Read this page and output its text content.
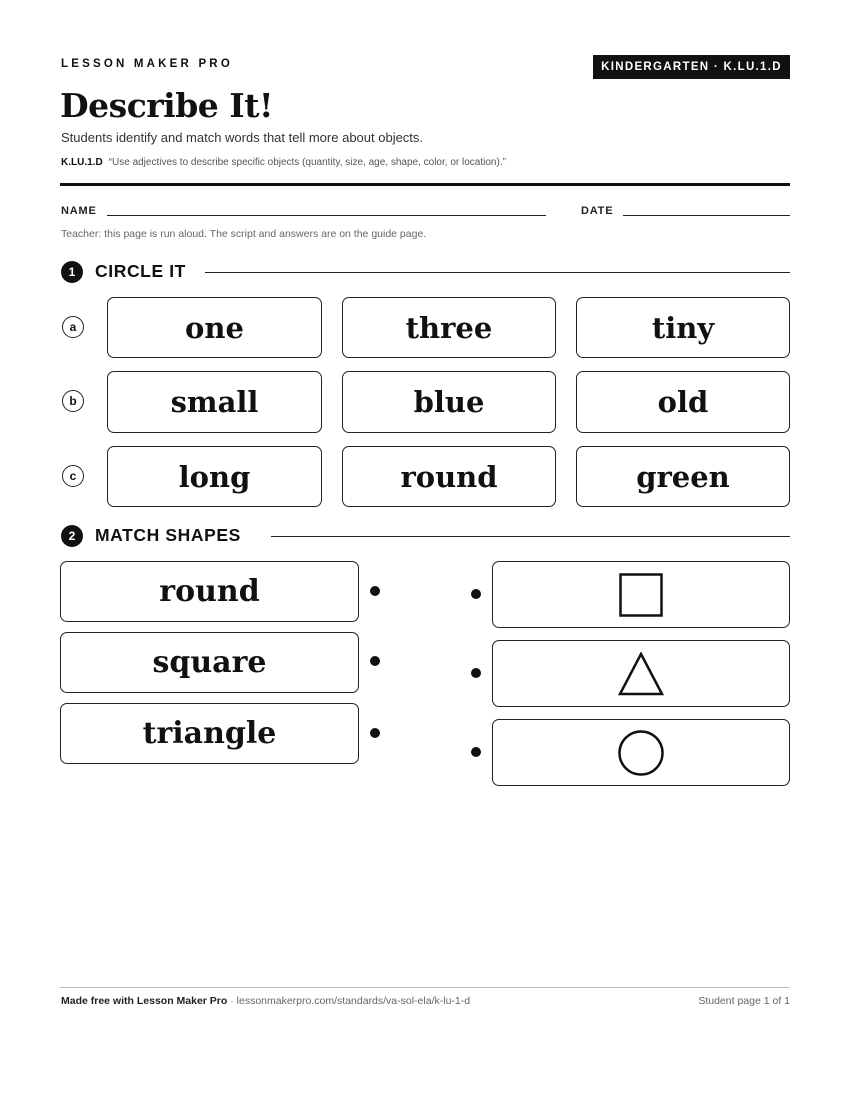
LESSON MAKER PRO	KINDERGARTEN · K.LU.1.D
Describe It!
Students identify and match words that tell more about objects.
K.LU.1.D “Use adjectives to describe specific objects (quantity, size, age, shape, color, or location).”
NAME	DATE
Teacher: this page is run aloud. The script and answers are on the guide page.
1	CIRCLE IT
a	one	three	tiny
b	small	blue	old
c	long	round	green
2	MATCH SHAPES
round
square
triangle
Made free with Lesson Maker Pro · lessonmakerpro.com/standards/va-sol-ela/k-lu-1-d	Student page 1 of 1
